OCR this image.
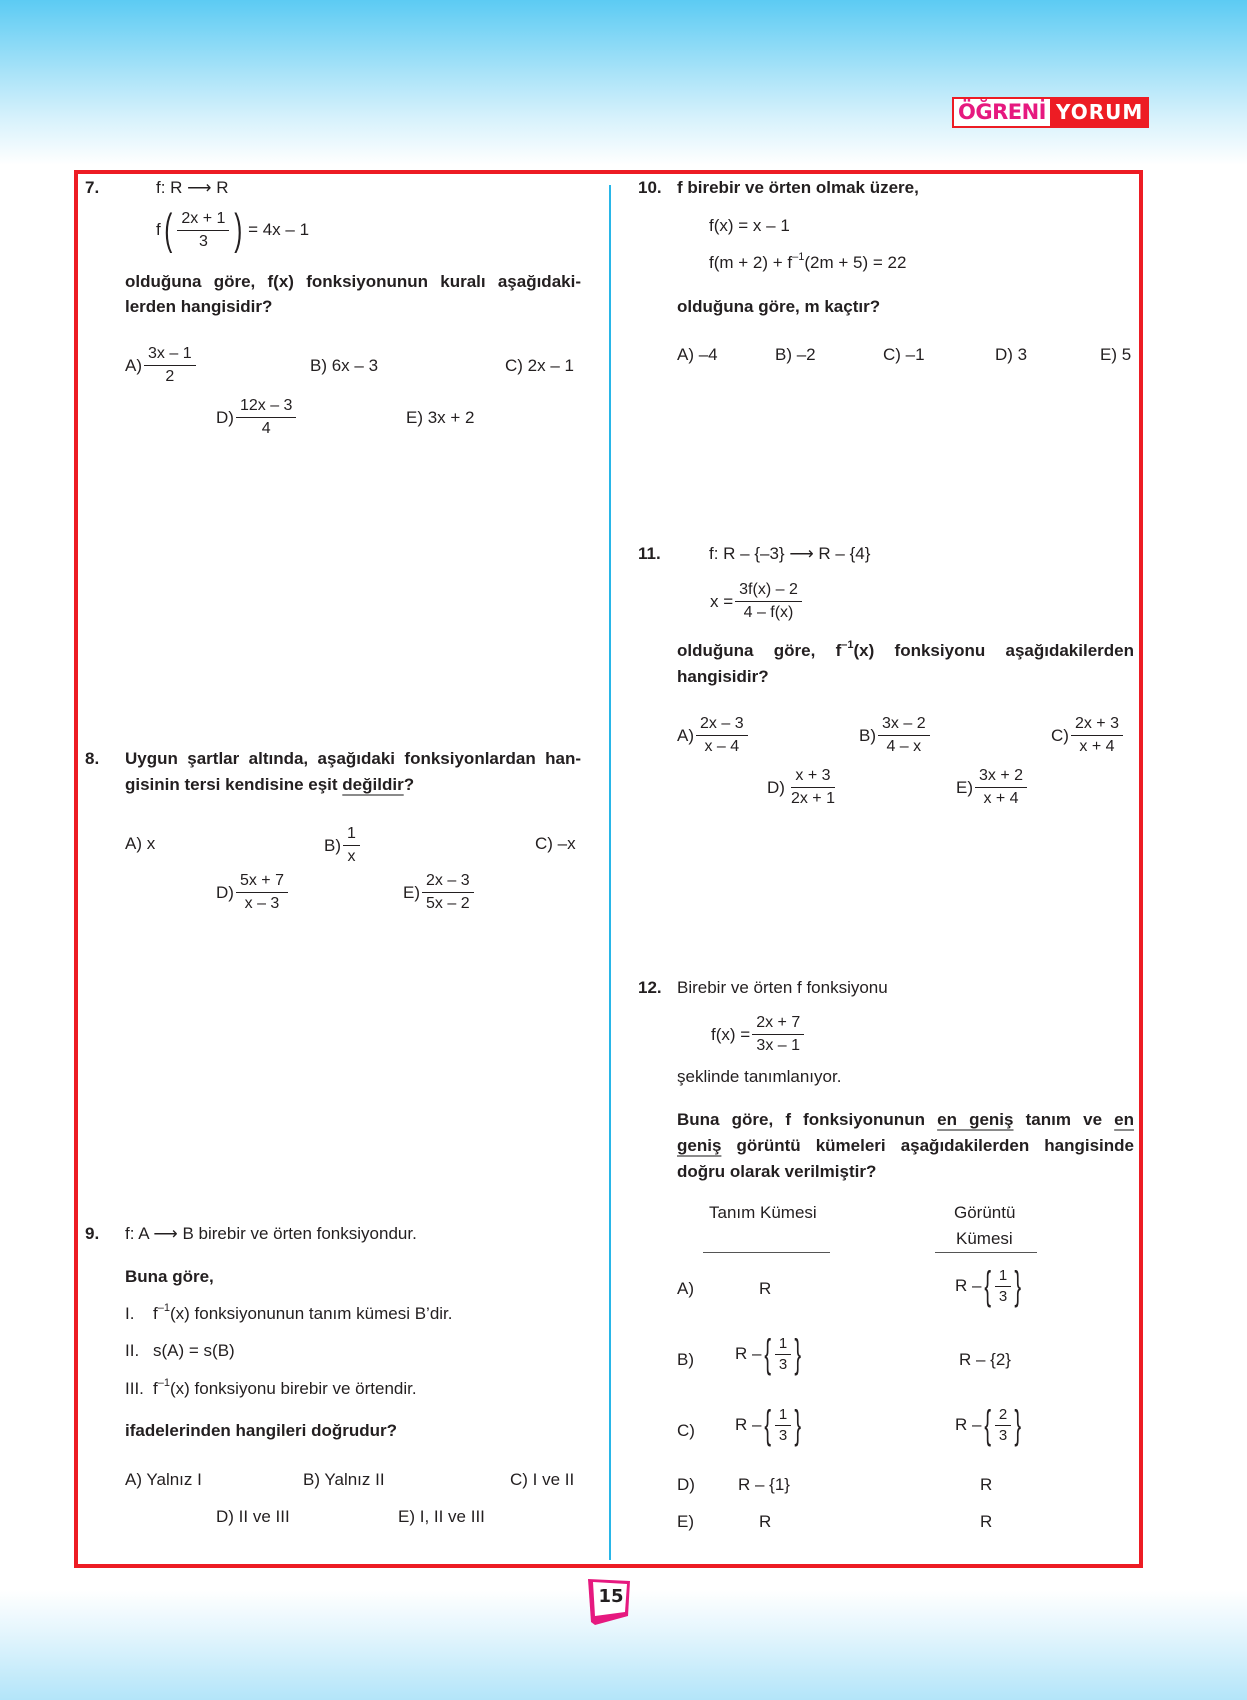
ÖĞRENİ YORUM
7.	f: R ⟶ R
f ( $\frac{2x + 1}{3}$ ) = 4x – 1
olduğuna göre, f(x) fonksiyonunun kuralı aşağıdaki-
lerden hangisidir?
$A) \frac{3x - 1}{2}$	B) 6x – 3	C) 2x – 1
$D) \frac{12x - 3}{4}$	E) 3x + 2
8. Uygun şartlar altında, aşağıdaki fonksiyonlardan han-
gisinin tersi kendisine eşit değildir?
A) x	$B) \frac{1}{x}$	C) –x
$D) \frac{5x + 7}{x - 3}$	$E) \frac{2x - 3}{5x - 2}$
9. f: A ⟶ B birebir ve örten fonksiyondur.
Buna göre,
I. $f^{-1}(x)$ fonksiyonunun tanım kümesi B’dir.
II. s(A) = s(B)
III. $f^{-1}(x)$ fonksiyonu birebir ve örtendir.
ifadelerinden hangileri doğrudur?
A) Yalnız I	B) Yalnız II	C) I ve II
D) II ve III	E) I, II ve III
10. f birebir ve örten olmak üzere,
f(x) = x – 1
$f(m + 2) + f^{-1}(2m + 5) = 22$
olduğuna göre, m kaçtır?
A) –4	B) –2	C) –1	D) 3	E) 5
11.	f: R – {–3} ⟶ R – {4}
$x = \frac{3f(x) - 2}{4 - f(x)}$
olduğuna göre, $f^{-1}(x)$ fonksiyonu aşağıdakilerden
hangisidir?
$A) \frac{2x - 3}{x - 4}$	$B) \frac{3x - 2}{4 - x}$	$C) \frac{2x + 3}{x + 4}$
$D) \frac{x + 3}{2x + 1}$	$E) \frac{3x + 2}{x + 4}$
12. Birebir ve örten f fonksiyonu
$f(x) = \frac{2x + 7}{3x - 1}$
şeklinde tanımlanıyor.
Buna göre, f fonksiyonunun en geniş tanım ve en
geniş görüntü kümeleri aşağıdakilerden hangisinde
doğru olarak verilmiştir?
Tanım Kümesi	Görüntü
Kümesi
A)	R	R – { $\frac{1}{3}$ }
B) R – { $\frac{1}{3}$ }	R – {2}
C) R – { $\frac{1}{3}$ }	R – { $\frac{2}{3}$ }
D)	R – {1}	R
E)	R	R
15
